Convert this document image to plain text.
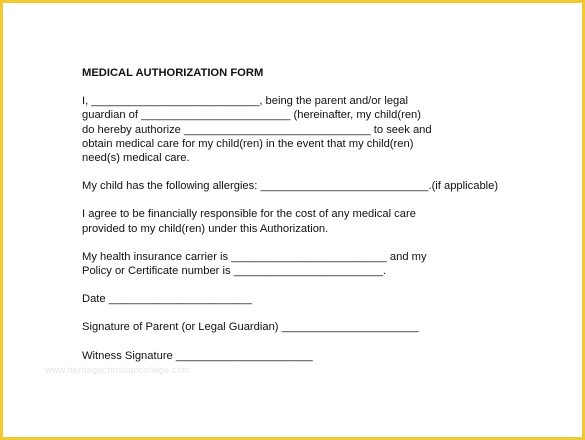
MEDICAL AUTHORIZATION FORM
I, ___________________________, being the parent and/or legal
guardian of ________________________ (hereinafter, my child(ren)
do hereby authorize ______________________________ to seek and
obtain medical care for my child(ren) in the event that my child(ren)
need(s) medical care.
My child has the following allergies: ___________________________.(if applicable)
I agree to be financially responsible for the cost of any medical care
provided to my child(ren) under this Authorization.
My health insurance carrier is _________________________ and my
Policy or Certificate number is ________________________.
Date _______________________
Signature of Parent (or Legal Guardian) ______________________
Witness Signature ______________________
www.heritagechristiancollege.com
